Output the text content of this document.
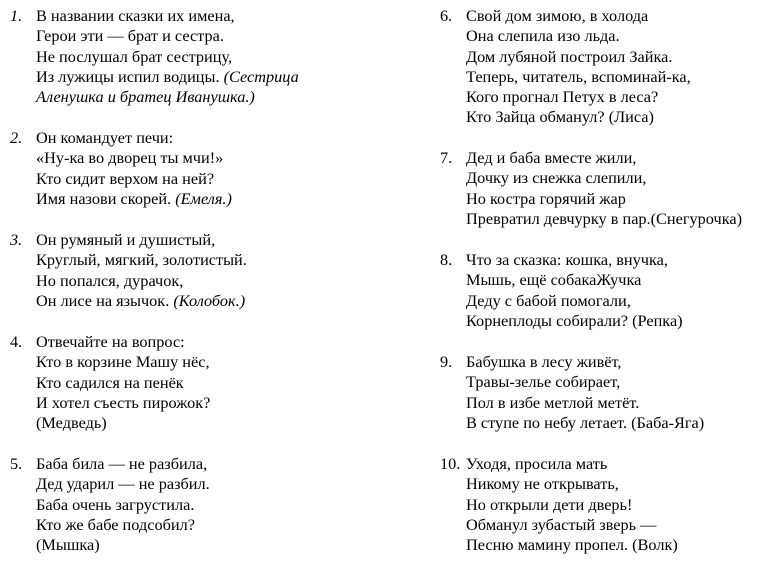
1. В названии сказки их имена,
Герои эти — брат и сестра.
Не послушал брат сестрицу,
Из лужицы испил водицы. (Сестрица
Аленушка и братец Иванушка.)
2. Он командует печи:
«Ну-ка во дворец ты мчи!»
Кто сидит верхом на ней?
Имя назови скорей. (Емеля.)
3. Он румяный и душистый,
Круглый, мягкий, золотистый.
Но попался, дурачок,
Он лисе на язычок. (Колобок.)
4. Отвечайте на вопрос:
Кто в корзине Машу нёс,
Кто садился на пенёк
И хотел съесть пирожок?
(Медведь)
5. Баба била — не разбила,
Дед ударил — не разбил.
Баба очень загрустила.
Кто же бабе подсобил?
(Мышка)
6. Свой дом зимою, в холода
Она слепила изо льда.
Дом лубяной построил Зайка.
Теперь, читатель, вспоминай-ка,
Кого прогнал Петух в леса?
Кто Зайца обманул? (Лиса)
7. Дед и баба вместе жили,
Дочку из снежка слепили,
Но костра горячий жар
Превратил девчурку в пар.(Снегурочка)
8. Что за сказка: кошка, внучка,
Мышь, ещё собакаЖучка
Деду с бабой помогали,
Корнеплоды собирали? (Репка)
9. Бабушка в лесу живёт,
Травы-зелье собирает,
Пол в избе метлой метёт.
В ступе по небу летает. (Баба-Яга)
10. Уходя, просила мать
Никому не открывать,
Но открыли дети дверь!
Обманул зубастый зверь —
Песню мамину пропел. (Волк)
